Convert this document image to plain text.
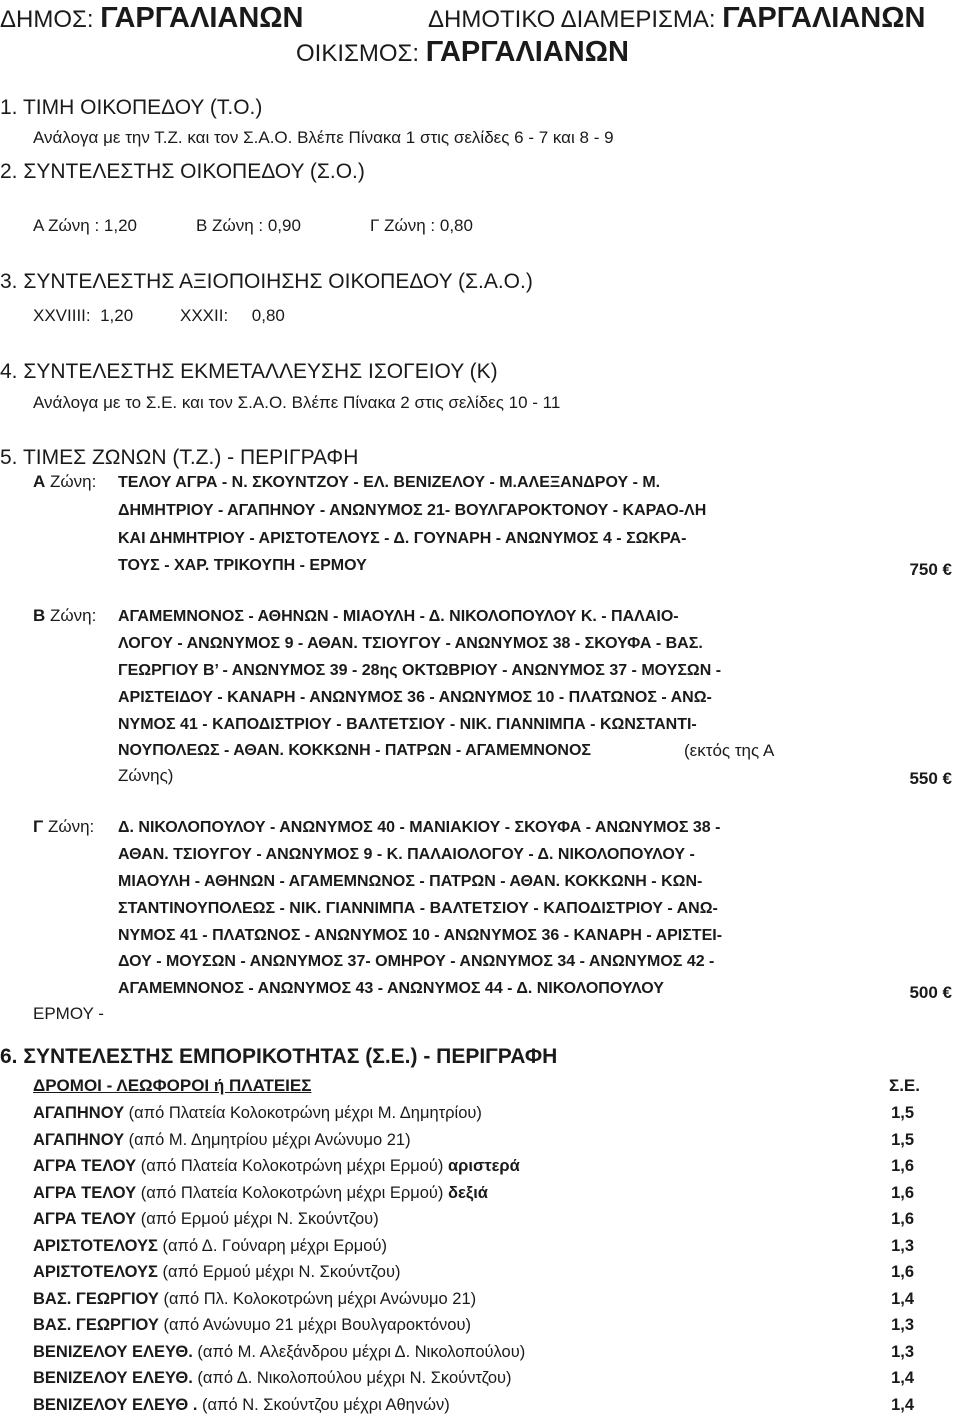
ΔΗΜΟΣ: ΓΑΡΓΑΛΙΑΝΩΝ	ΔΗΜΟΤΙΚΟ ΔΙΑΜΕΡΙΣΜΑ: ΓΑΡΓΑΛΙΑΝΩΝ
ΟΙΚΙΣΜΟΣ: ΓΑΡΓΑΛΙΑΝΩΝ
1. ΤΙΜΗ ΟΙΚΟΠΕΔΟΥ (Τ.Ο.)
Ανάλογα με την Τ.Ζ. και τον Σ.Α.Ο. Βλέπε Πίνακα 1 στις σελίδες 6 - 7 και 8 - 9
2. ΣΥΝΤΕΛΕΣΤΗΣ ΟΙΚΟΠΕΔΟΥ (Σ.Ο.)
Α Ζώνη : 1,20	Β Ζώνη : 0,90	Γ Ζώνη : 0,80
3. ΣΥΝΤΕΛΕΣΤΗΣ ΑΞΙΟΠΟΙΗΣΗΣ ΟΙΚΟΠΕΔΟΥ (Σ.Α.Ο.)
XXVIIII:  1,20	XXXII:     0,80
4. ΣΥΝΤΕΛΕΣΤΗΣ ΕΚΜΕΤΑΛΛΕΥΣΗΣ ΙΣΟΓΕΙΟΥ (Κ)
Ανάλογα με το Σ.Ε. και τον Σ.Α.Ο. Βλέπε Πίνακα 2 στις σελίδες 10 - 11
5. ΤΙΜΕΣ ΖΩΝΩΝ (Τ.Ζ.) - ΠΕΡΙΓΡΑΦΗ
Α Ζώνη: ΤΕΛΟΥ ΑΓΡΑ - Ν. ΣΚΟΥΝΤΖΟΥ - ΕΛ. ΒΕΝΙΖΕΛΟΥ - Μ.ΑΛΕΞΑΝΔΡΟΥ - Μ.
ΔΗΜΗΤΡΙΟΥ - ΑΓΑΠΗΝΟΥ - ΑΝΩΝΥΜΟΣ 21- ΒΟΥΛΓΑΡΟΚΤΟΝΟΥ - ΚΑΡΑΟ-ΛΗ
ΚΑΙ ΔΗΜΗΤΡΙΟΥ - ΑΡΙΣΤΟΤΕΛΟΥΣ - Δ. ΓΟΥΝΑΡΗ - ΑΝΩΝΥΜΟΣ 4 - ΣΩΚΡΑ-
ΤΟΥΣ - ΧΑΡ. ΤΡΙΚΟΥΠΗ - ΕΡΜΟΥ	750 €
Β Ζώνη: ΑΓΑΜΕΜΝΟΝΟΣ - ΑΘΗΝΩΝ - ΜΙΑΟΥΛΗ - Δ. ΝΙΚΟΛΟΠΟΥΛΟΥ Κ. - ΠΑΛΑΙΟ-
ΛΟΓΟΥ - ΑΝΩΝΥΜΟΣ 9 - ΑΘΑΝ. ΤΣΙΟΥΓΟΥ - ΑΝΩΝΥΜΟΣ 38 - ΣΚΟΥΦΑ - ΒΑΣ.
ΓΕΩΡΓΙΟΥ Β’ - ΑΝΩΝΥΜΟΣ 39 - 28ης ΟΚΤΩΒΡΙΟΥ - ΑΝΩΝΥΜΟΣ 37 - ΜΟΥΣΩΝ -
ΑΡΙΣΤΕΙΔΟΥ - ΚΑΝΑΡΗ - ΑΝΩΝΥΜΟΣ 36 - ΑΝΩΝΥΜΟΣ 10 - ΠΛΑΤΩΝΟΣ - ΑΝΩ-
ΝΥΜΟΣ 41 - ΚΑΠΟΔΙΣΤΡΙΟΥ - ΒΑΛΤΕΤΣΙΟΥ - ΝΙΚ. ΓΙΑΝΝΙΜΠΑ - ΚΩΝΣΤΑΝΤΙ-
ΝΟΥΠΟΛΕΩΣ - ΑΘΑΝ. ΚΟΚΚΩΝΗ - ΠΑΤΡΩΝ - ΑΓΑΜΕΜΝΟΝΟΣ	(εκτός της Α
Ζώνης)	550 €
Γ Ζώνη: Δ. ΝΙΚΟΛΟΠΟΥΛΟΥ - ΑΝΩΝΥΜΟΣ 40 - ΜΑΝΙΑΚΙΟΥ - ΣΚΟΥΦΑ - ΑΝΩΝΥΜΟΣ 38 -
ΑΘΑΝ. ΤΣΙΟΥΓΟΥ - ΑΝΩΝΥΜΟΣ 9 - Κ. ΠΑΛΑΙΟΛΟΓΟΥ - Δ. ΝΙΚΟΛΟΠΟΥΛΟΥ -
ΜΙΑΟΥΛΗ - ΑΘΗΝΩΝ - ΑΓΑΜΕΜΝΩΝΟΣ - ΠΑΤΡΩΝ - ΑΘΑΝ. ΚΟΚΚΩΝΗ - ΚΩΝ-
ΣΤΑΝΤΙΝΟΥΠΟΛΕΩΣ - ΝΙΚ. ΓΙΑΝΝΙΜΠΑ - ΒΑΛΤΕΤΣΙΟΥ - ΚΑΠΟΔΙΣΤΡΙΟΥ - ΑΝΩ-
ΝΥΜΟΣ 41 - ΠΛΑΤΩΝΟΣ - ΑΝΩΝΥΜΟΣ 10 - ΑΝΩΝΥΜΟΣ 36 - ΚΑΝΑΡΗ - ΑΡΙΣΤΕΙ-
ΔΟΥ - ΜΟΥΣΩΝ - ΑΝΩΝΥΜΟΣ 37- ΟΜΗΡΟΥ - ΑΝΩΝΥΜΟΣ 34 - ΑΝΩΝΥΜΟΣ 42 -
ΑΓΑΜΕΜΝΟΝΟΣ - ΑΝΩΝΥΜΟΣ 43 - ΑΝΩΝΥΜΟΣ 44 - Δ. ΝΙΚΟΛΟΠΟΥΛΟΥ
ΕΡΜΟΥ -
500 €
6. ΣΥΝΤΕΛΕΣΤΗΣ ΕΜΠΟΡΙΚΟΤΗΤΑΣ (Σ.Ε.) - ΠΕΡΙΓΡΑΦΗ
ΔΡΟΜΟΙ - ΛΕΩΦΟΡΟΙ ή ΠΛΑΤΕΙΕΣ	Σ.Ε.
ΑΓΑΠΗΝΟΥ (από Πλατεία Κολοκοτρώνη μέχρι Μ. Δημητρίου)	1,5
ΑΓΑΠΗΝΟΥ (από Μ. Δημητρίου μέχρι Ανώνυμο 21)	1,5
ΑΓΡΑ ΤΕΛΟΥ (από Πλατεία Κολοκοτρώνη μέχρι Ερμού) αριστερά	1,6
ΑΓΡΑ ΤΕΛΟΥ (από Πλατεία Κολοκοτρώνη μέχρι Ερμού) δεξιά	1,6
ΑΓΡΑ ΤΕΛΟΥ (από Ερμού μέχρι Ν. Σκούντζου)	1,6
ΑΡΙΣΤΟΤΕΛΟΥΣ (από Δ. Γούναρη μέχρι Ερμού)	1,3
ΑΡΙΣΤΟΤΕΛΟΥΣ (από Ερμού μέχρι Ν. Σκούντζου)	1,6
ΒΑΣ. ΓΕΩΡΓΙΟΥ (από Πλ. Κολοκοτρώνη μέχρι Ανώνυμο 21)	1,4
ΒΑΣ. ΓΕΩΡΓΙΟΥ (από Ανώνυμο 21 μέχρι Βουλγαροκτόνου)	1,3
ΒΕΝΙΖΕΛΟΥ ΕΛΕΥΘ. (από Μ. Αλεξάνδρου μέχρι Δ. Νικολοπούλου)	1,3
ΒΕΝΙΖΕΛΟΥ ΕΛΕΥΘ. (από Δ. Νικολοπούλου μέχρι Ν. Σκούντζου)	1,4
ΒΕΝΙΖΕΛΟΥ ΕΛΕΥΘ . (από Ν. Σκούντζου μέχρι Αθηνών)	1,4
